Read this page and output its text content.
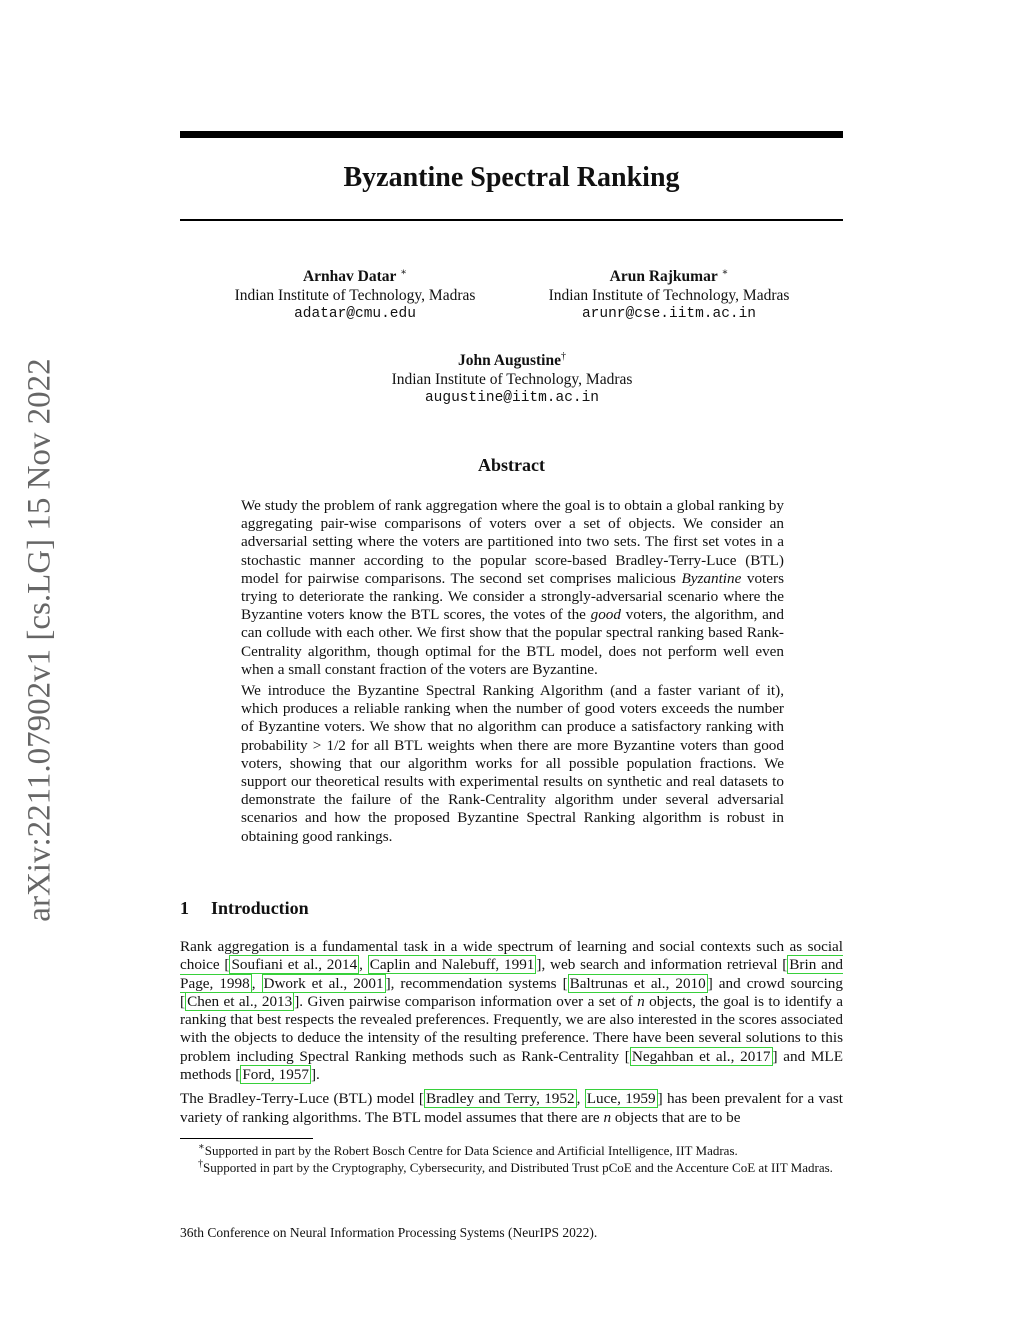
arXiv:2211.07902v1 [cs.LG] 15 Nov 2022
Byzantine Spectral Ranking
Arnhav Datar ∗
Indian Institute of Technology, Madras
adatar@cmu.edu
Arun Rajkumar ∗
Indian Institute of Technology, Madras
arunr@cse.iitm.ac.in
John Augustine†
Indian Institute of Technology, Madras
augustine@iitm.ac.in
Abstract

We study the problem of rank aggregation where the goal is to obtain a global ranking by aggregating pair-wise comparisons of voters over a set of objects. We consider an adversarial setting where the voters are partitioned into two sets. The first set votes in a stochastic manner according to the popular score-based Bradley-Terry-Luce (BTL) model for pairwise comparisons. The second set comprises malicious Byzantine voters trying to deteriorate the ranking. We consider a strongly-adversarial scenario where the Byzantine voters know the BTL scores, the votes of the good voters, the algorithm, and can collude with each other. We first show that the popular spectral ranking based Rank-Centrality algorithm, though optimal for the BTL model, does not perform well even when a small constant fraction of the voters are Byzantine.

We introduce the Byzantine Spectral Ranking Algorithm (and a faster variant of it), which produces a reliable ranking when the number of good voters exceeds the number of Byzantine voters. We show that no algorithm can produce a satisfactory ranking with probability > 1/2 for all BTL weights when there are more Byzantine voters than good voters, showing that our algorithm works for all possible population fractions. We support our theoretical results with experimental results on synthetic and real datasets to demonstrate the failure of the Rank-Centrality algorithm under several adversarial scenarios and how the proposed Byzantine Spectral Ranking algorithm is robust in obtaining good rankings.

1 Introduction

Rank aggregation is a fundamental task in a wide spectrum of learning and social contexts such as social choice [ Soufiani et al., 2014 , Caplin and Nalebuff, 1991 ], web search and information retrieval [ Brin and Page, 1998 , Dwork et al., 2001 ], recommendation systems [ Baltrunas et al., 2010 ] and crowd sourcing [ Chen et al., 2013 ]. Given pairwise comparison information over a set of n objects, the goal is to identify a ranking that best respects the revealed preferences. Frequently, we are also interested in the scores associated with the objects to deduce the intensity of the resulting preference. There have been several solutions to this problem including Spectral Ranking methods such as Rank-Centrality [ Negahban et al., 2017 ] and MLE methods [ Ford, 1957 ].

The Bradley-Terry-Luce (BTL) model [ Bradley and Terry, 1952 , Luce, 1959 ] has been prevalent for a vast variety of ranking algorithms. The BTL model assumes that there are n objects that are to be

∗Supported in part by the Robert Bosch Centre for Data Science and Artificial Intelligence, IIT Madras.
†Supported in part by the Cryptography, Cybersecurity, and Distributed Trust pCoE and the Accenture CoE at IIT Madras.
36th Conference on Neural Information Processing Systems (NeurIPS 2022).
